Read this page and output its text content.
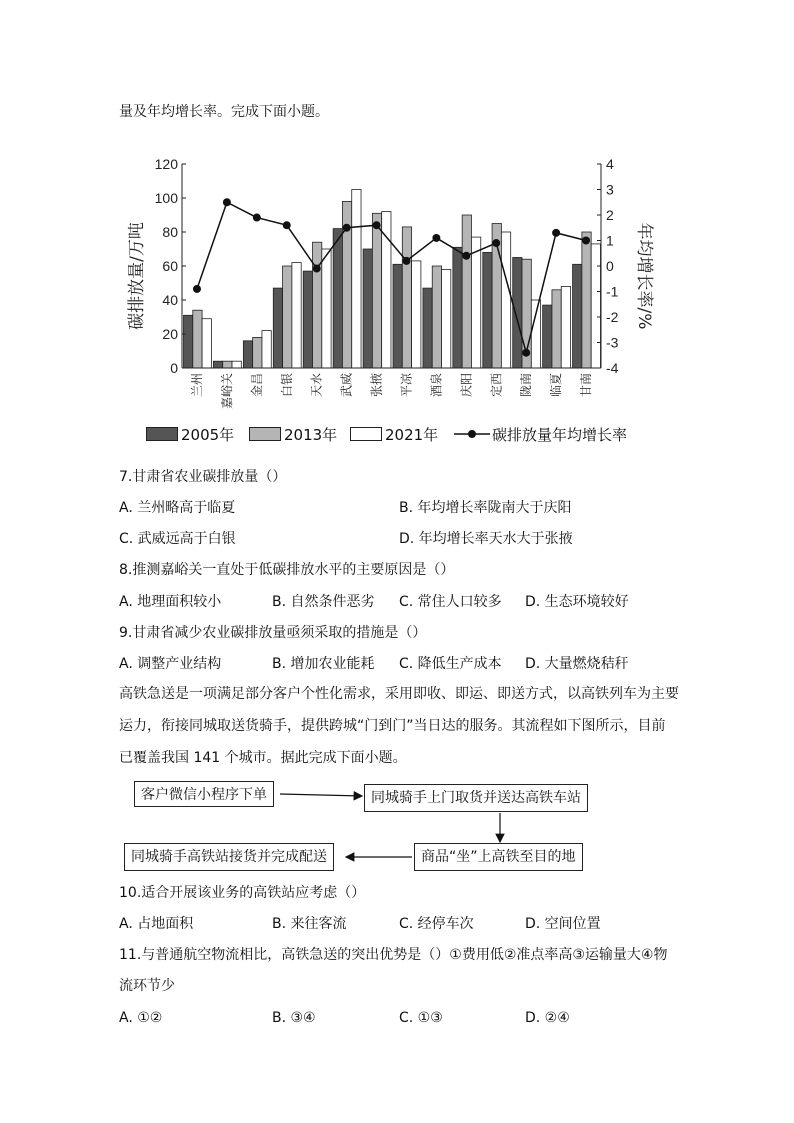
量及年均增长率。完成下面小题。
0
20
40
60
80
100
120
-4
-3
-2
-1
0
1
2
3
4
兰州 嘉峪关 金昌 白银 天水 武威 张掖 平凉 酒泉 庆阳 定西 陇南 临夏 甘南
碳排放量/万吨	年均增长率/%
2005年	2013年	2021年	碳排放量年均增长率
7.甘肃省农业碳排放量（）
A. 兰州略高于临夏	B. 年均增长率陇南大于庆阳
C. 武威远高于白银	D. 年均增长率天水大于张掖
8.推测嘉峪关一直处于低碳排放水平的主要原因是（）
A. 地理面积较小	B. 自然条件恶劣 C. 常住人口较多 D. 生态环境较好
9.甘肃省减少农业碳排放量亟须采取的措施是（）
A. 调整产业结构	B. 增加农业能耗 C. 降低生产成本 D. 大量燃烧秸秆
高铁急送是一项满足部分客户个性化需求，采用即收、即运、即送方式，以高铁列车为主要运力，衔接同城取送货骑手，提供跨城“门到门”当日达的服务。其流程如下图所示，目前已覆盖我国 141 个城市。据此完成下面小题。
客户微信小程序下单	同城骑手上门取货并送达高铁车站
商品“坐”上高铁至目的地
同城骑手高铁站接货并完成配送
10.适合开展该业务的高铁站应考虑（）
A. 占地面积	B. 来往客流	C. 经停车次	D. 空间位置
11.与普通航空物流相比，高铁急送的突出优势是（）①费用低②准点率高③运输量大④物
流环节少
A. ①②	B. ③④	C. ①③	D. ②④
